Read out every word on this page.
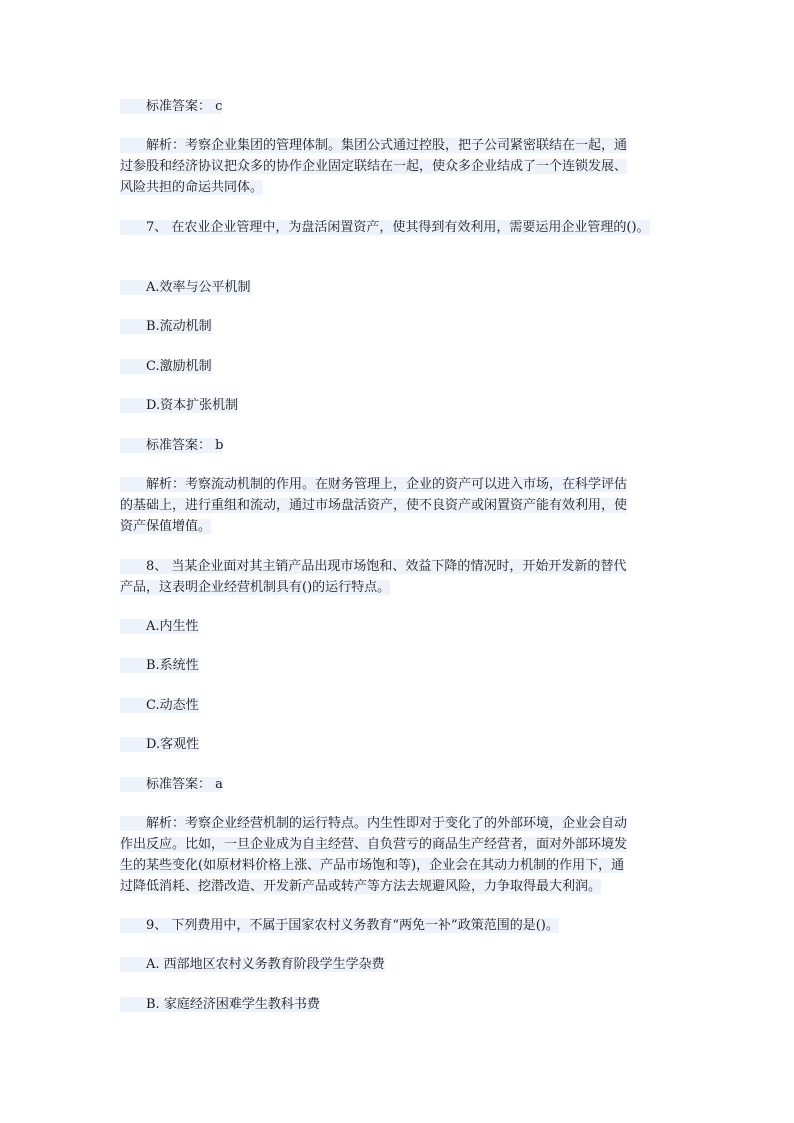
　　标准答案： c

　　解析：考察企业集团的管理体制。集团公式通过控股，把子公司紧密联结在一起，通

过参股和经济协议把众多的协作企业固定联结在一起，使众多企业结成了一个连锁发展、

风险共担的命运共同体。

　　7、 在农业企业管理中，为盘活闲置资产，使其得到有效利用，需要运用企业管理的()。

　　A.效率与公平机制

　　B.流动机制

　　C.激励机制

　　D.资本扩张机制

　　标准答案： b

　　解析：考察流动机制的作用。在财务管理上，企业的资产可以进入市场，在科学评估

的基础上，进行重组和流动，通过市场盘活资产，使不良资产或闲置资产能有效利用，使

资产保值增值。

　　8、 当某企业面对其主销产品出现市场饱和、效益下降的情况时，开始开发新的替代

产品，这表明企业经营机制具有()的运行特点。

　　A.内生性

　　B.系统性

　　C.动态性

　　D.客观性

　　标准答案： a

　　解析：考察企业经营机制的运行特点。内生性即对于变化了的外部环境，企业会自动

作出反应。比如，一旦企业成为自主经营、自负营亏的商品生产经营者，面对外部环境发

生的某些变化(如原材料价格上涨、产品市场饱和等)，企业会在其动力机制的作用下，通

过降低消耗、挖潜改造、开发新产品或转产等方法去规避风险，力争取得最大利润。

　　9、 下列费用中，不属于国家农村义务教育“两免一补”政策范围的是()。

　　A. 西部地区农村义务教育阶段学生学杂费

　　B. 家庭经济困难学生教科书费
